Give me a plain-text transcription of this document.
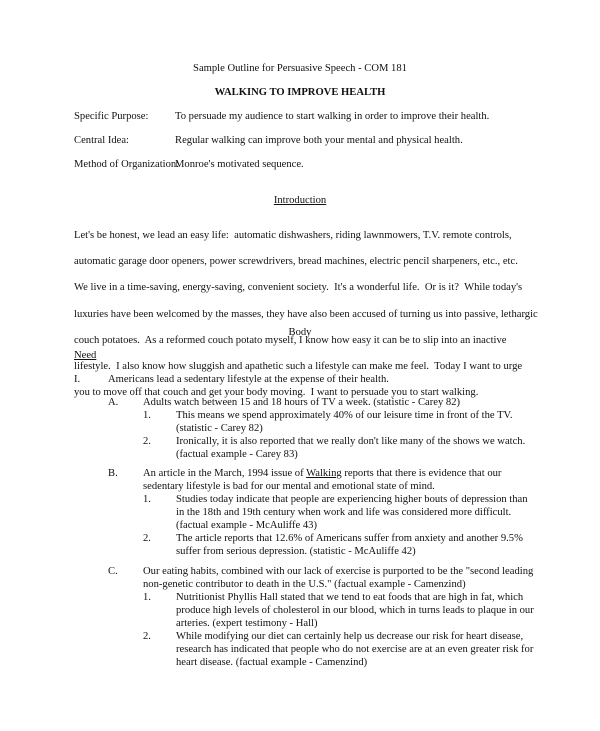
Sample Outline for Persuasive Speech - COM 181
WALKING TO IMPROVE HEALTH
Specific Purpose:	To persuade my audience to start walking in order to improve their health.
Central Idea:	Regular walking can improve both your mental and physical health.
Method of Organization:
Monroe's motivated sequence.
Introduction

Let's be honest, we lead an easy life:  automatic dishwashers, riding lawnmowers, T.V. remote controls,

automatic garage door openers, power screwdrivers, bread machines, electric pencil sharpeners, etc., etc.

We live in a time-saving, energy-saving, convenient society.  It's a wonderful life.  Or is it?  While today's

luxuries have been welcomed by the masses, they have also been accused of turning us into passive, lethargic

couch potatoes.  As a reformed couch potato myself, I know how easy it can be to slip into an inactive

lifestyle.  I also know how sluggish and apathetic such a lifestyle can make me feel.  Today I want to urge

you to move off that couch and get your body moving.  I want to persuade you to start walking.

Body
Need
I.	Americans lead a sedentary lifestyle at the expense of their health.
A. Adults watch between 15 and 18 hours of TV a week. (statistic - Carey 82)
1. This means we spend approximately 40% of our leisure time in front of the TV.
(statistic - Carey 82)
2. Ironically, it is also reported that we really don't like many of the shows we watch.
(factual example - Carey 83)
B. An article in the March, 1994 issue of Walking reports that there is evidence that our
sedentary lifestyle is bad for our mental and emotional state of mind.
1. Studies today indicate that people are experiencing higher bouts of depression than
in the 18th and 19th century when work and life was considered more difficult.
(factual example - McAuliffe 43)
2. The article reports that 12.6% of Americans suffer from anxiety and another 9.5%
suffer from serious depression. (statistic - McAuliffe 42)
C. Our eating habits, combined with our lack of exercise is purported to be the "second leading
non-genetic contributor to death in the U.S." (factual example - Camenzind)
1. Nutritionist Phyllis Hall stated that we tend to eat foods that are high in fat, which
produce high levels of cholesterol in our blood, which in turns leads to plaque in our
arteries. (expert testimony - Hall)
2. While modifying our diet can certainly help us decrease our risk for heart disease,
research has indicated that people who do not exercise are at an even greater risk for
heart disease. (factual example - Camenzind)
